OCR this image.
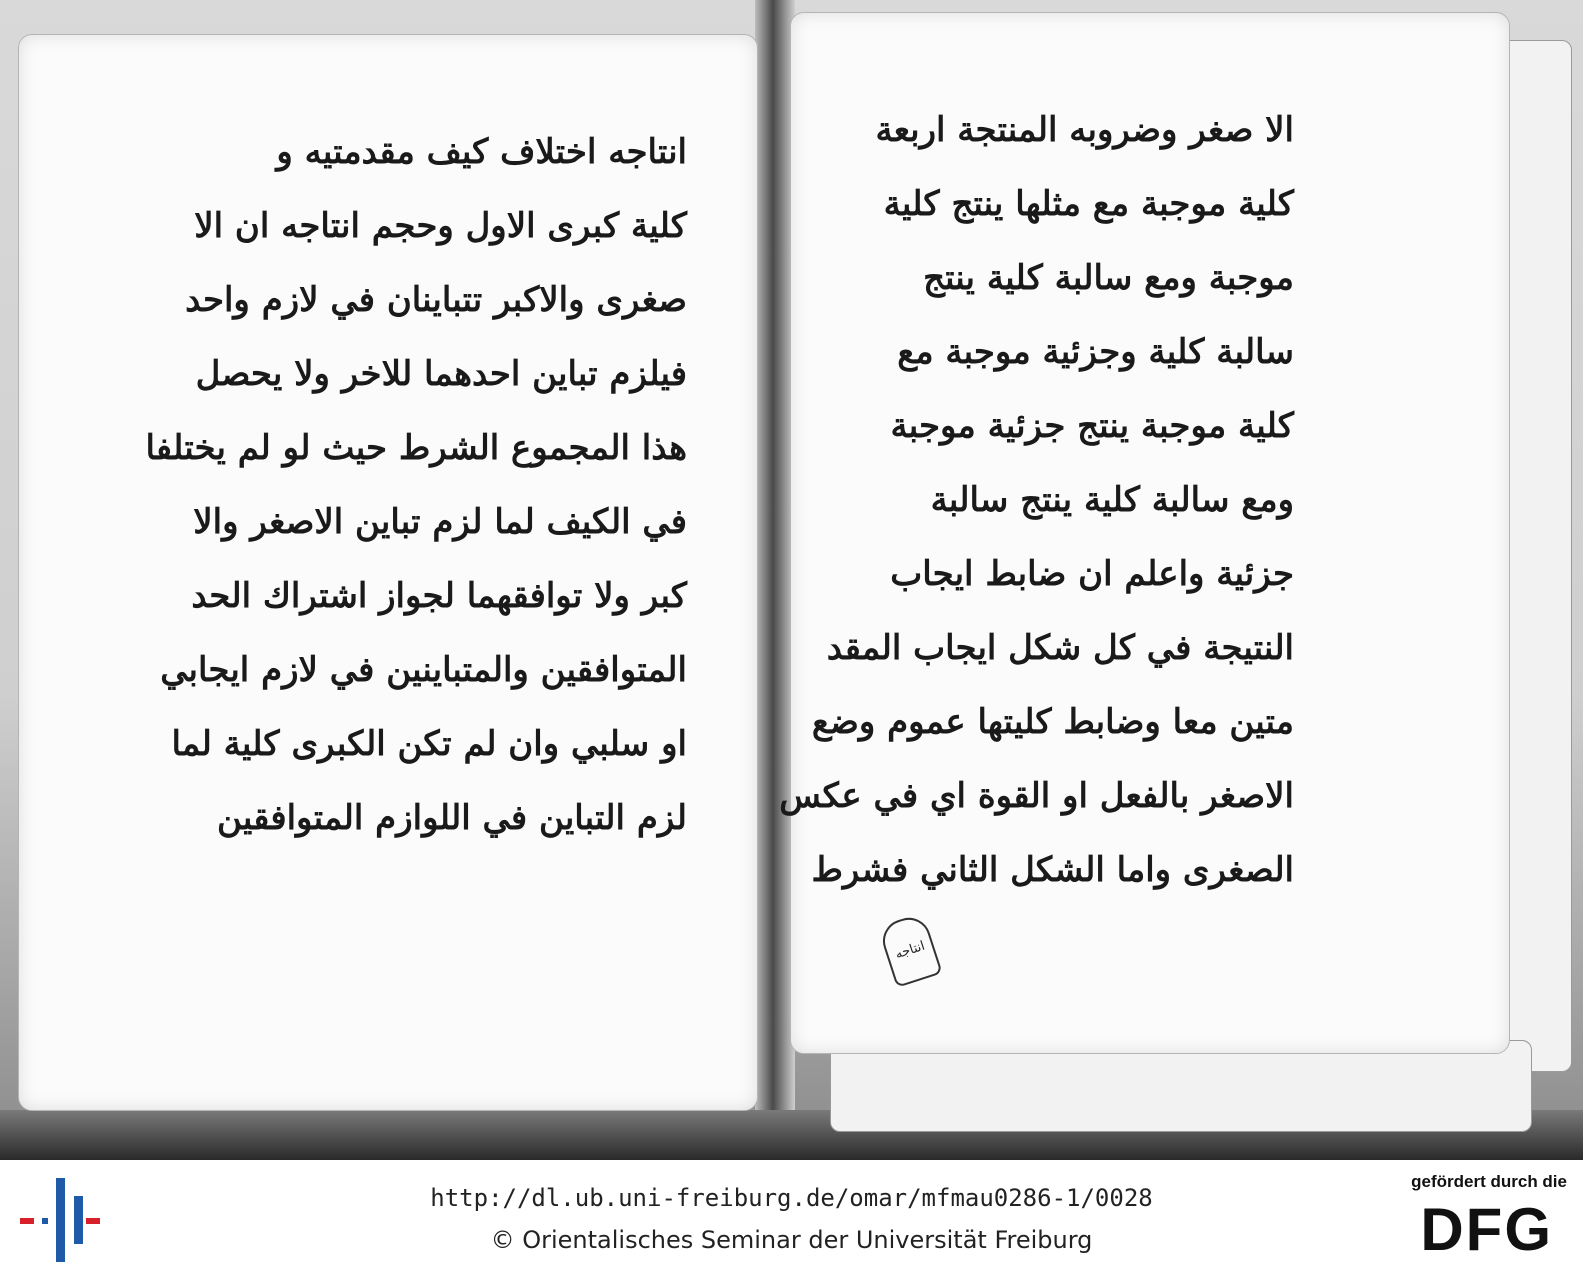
انتاجه اختلاف كيف مقدمتيه و
كلية كبرى الاول وحجم انتاجه ان الا
صغرى والاكبر تتباينان في لازم واحد
فيلزم تباين احدهما للاخر ولا يحصل
هذا المجموع الشرط حيث لو لم يختلفا
في الكيف لما لزم تباين الاصغر والا
كبر ولا توافقهما لجواز اشتراك الحد
المتوافقين والمتباينين في لازم ايجابي
او سلبي وان لم تكن الكبرى كلية لما
لزم التباين في اللوازم المتوافقين
الا صغر وضروبه المنتجة اربعة
كلية موجبة مع مثلها ينتج كلية
موجبة ومع سالبة كلية ينتج
سالبة كلية وجزئية موجبة مع
كلية موجبة ينتج جزئية موجبة
ومع سالبة كلية ينتج سالبة
جزئية واعلم ان ضابط ايجاب
النتيجة في كل شكل ايجاب المقد
متين معا وضابط كليتها عموم وضع
الاصغر بالفعل او القوة اي في عكس
الصغرى واما الشكل الثاني فشرط
انتاجه
http://dl.ub.uni-freiburg.de/omar/mfmau0286-1/0028
© Orientalisches Seminar der Universität Freiburg
gefördert durch die
DFG
